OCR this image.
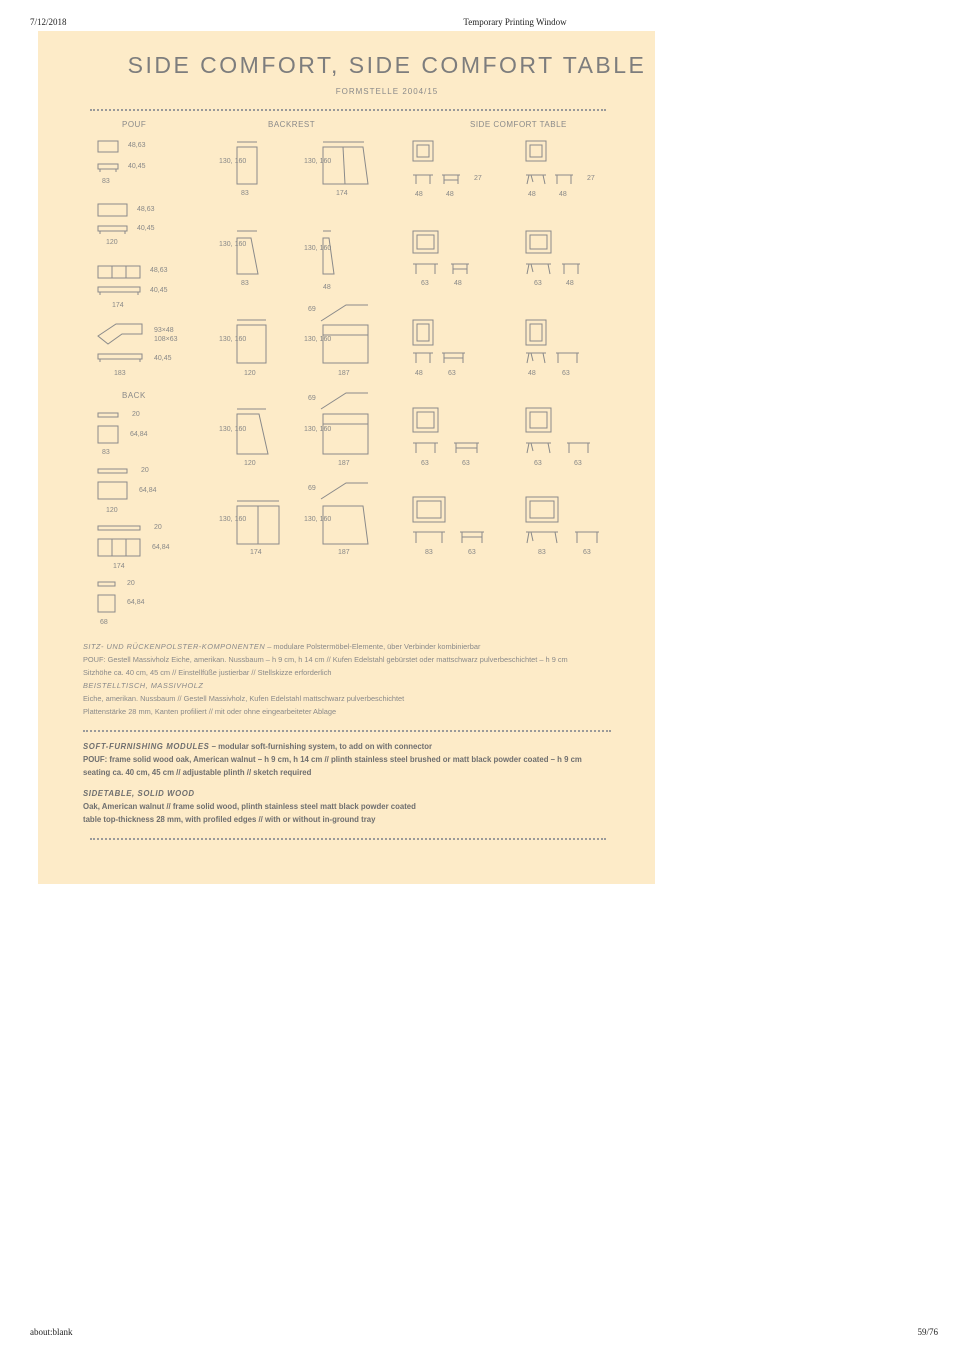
7/12/2018	Temporary Printing Window
SIDE COMFORT, SIDE COMFORT TABLE
FORMSTELLE 2004/15
POUF	BACKREST	SIDE COMFORT TABLE
BACK
48,63
40,45
83
48,63
40,45
120
48,63
40,45
174
93×48
108×63
40,45
183
20
64,84
83
20
64,84
120
20
64,84
174
20
64,84
68
130, 160
130, 160
130, 160
130, 160
130, 160
130, 160
130, 160
130, 160
130, 160
130, 160
69
69
69
83
83
120
120
174
174
48
187
187
187
27	27
48	48	48	48
63	48	63	48
48	63	48	63
63	63	63	63
83	63	83	63
SITZ- UND RÜCKENPOLSTER-KOMPONENTEN – modulare Polstermöbel-Elemente, über Verbinder kombinierbar
POUF: Gestell Massivholz Eiche, amerikan. Nussbaum – h 9 cm, h 14 cm // Kufen Edelstahl gebürstet oder mattschwarz pulverbeschichtet – h 9 cm
Sitzhöhe ca. 40 cm, 45 cm // Einstellfüße justierbar // Stellskizze erforderlich
BEISTELLTISCH, MASSIVHOLZ
Eiche, amerikan. Nussbaum // Gestell Massivholz, Kufen Edelstahl mattschwarz pulverbeschichtet
Plattenstärke 28 mm, Kanten profiliert // mit oder ohne eingearbeiteter Ablage
SOFT-FURNISHING MODULES – modular soft-furnishing system, to add on with connector
POUF: frame solid wood oak, American walnut – h 9 cm, h 14 cm // plinth stainless steel brushed or matt black powder coated – h 9 cm
seating ca. 40 cm, 45 cm // adjustable plinth // sketch required
SIDETABLE, SOLID WOOD
Oak, American walnut // frame solid wood, plinth stainless steel matt black powder coated
table top-thickness 28 mm, with profiled edges // with or without in-ground tray
about:blank	59/76
